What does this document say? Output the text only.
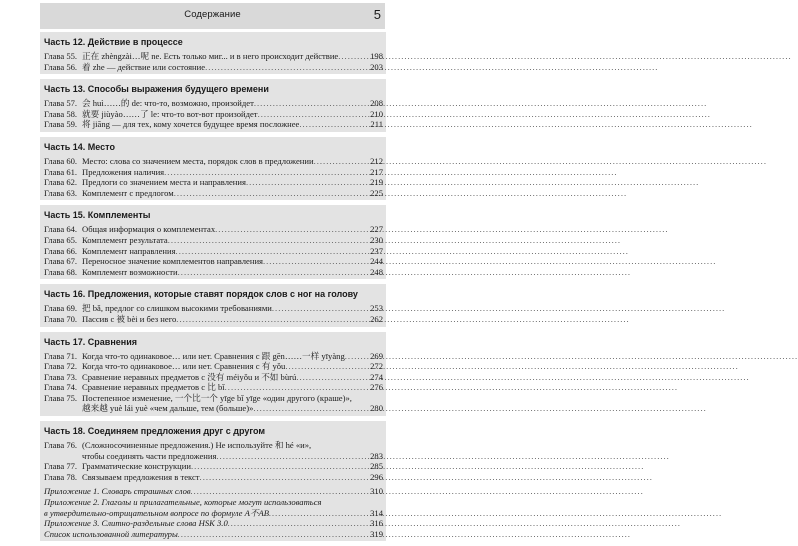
Содержание	5
Часть 12. Действие в процессе
Глава 55. 正在 zhèngzài…呢 ne. Есть только миг... и в него происходит действие .....	198
Глава 56. 着 zhe — действие или состояние .....	203
Часть 13. Способы выражения будущего времени
Глава 57. 会 huì……的 de: что-то, возможно, произойдет .....	208
Глава 58. 就要 jiùyào……了 le: что-то вот-вот произойдет .....	210
Глава 59. 将 jiāng — для тех, кому хочется будущее время посложнее .....	211
Часть 14. Место
Глава 60. Место: слова со значением места, порядок слов в предложении .....	212
Глава 61. Предложения наличия .....	217
Глава 62. Предлоги со значением места и направления .....	219
Глава 63. Комплемент с предлогом .....	225
Часть 15. Комплементы
Глава 64. Общая информация о комплементах .....	227
Глава 65. Комплемент результата .....	230
Глава 66. Комплемент направления .....	237
Глава 67. Переносное значение комплементов направления .....	244
Глава 68. Комплемент возможности .....	248
Часть 16. Предложения, которые ставят порядок слов с ног на голову
Глава 69. 把 bǎ, предлог со слишком высокими требованиями .....	253
Глава 70. Пассив с 被 bèi и без него .....	262
Часть 17. Сравнения
Глава 71. Когда что-то одинаковое… или нет. Сравнения с 跟 gēn……一样 yīyàng .....	269
Глава 72. Когда что-то одинаковое… или нет. Сравнения с 有 yǒu .....	272
Глава 73. Сравнение неравных предметов с 没有 méiyǒu и 不如 bùrú .....	274
Глава 74. Сравнение неравных предметов с 比 bǐ .....	276
Глава 75. Постепенное изменение, 一个比一个 yīge bǐ yīge «один другого (краше)»,
越来越 yuè lái yuè «чем дальше, тем (больше)» .....	280
Часть 18. Соединяем предложения друг с другом
Глава 76. (Сложносочиненные предложения.) Не используйте 和 hé «и»,
чтобы соединять части предложения .....	283
Глава 77. Грамматические конструкции .....	285
Глава 78. Связываем предложения в текст .....	296
Приложение 1. Словарь страшных слов .....	310
Приложение 2. Глаголы и прилагательные, которые могут использоваться
в утвердительно-отрицательном вопросе по формуле A不AB .....	314
Приложение 3. Слитно-раздельные слова HSK 3.0 .....	316
Список использованной литературы .....	319
